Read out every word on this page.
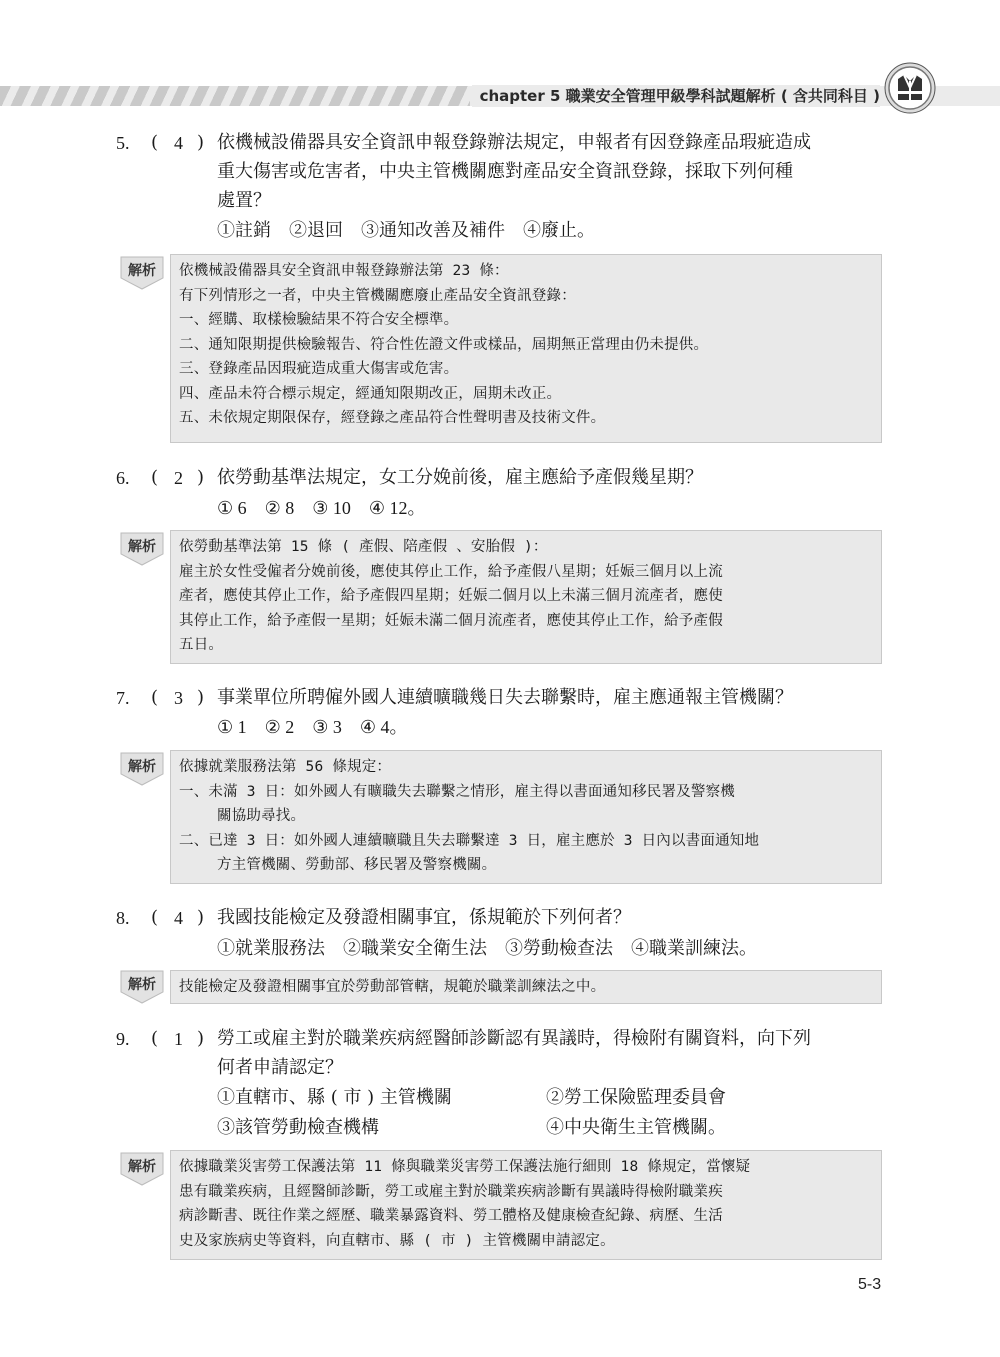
chapter 5 職業安全管理甲級學科試題解析 ( 含共同科目 )
5.	( 4 ) 依機械設備器具安全資訊申報登錄辦法規定，申報者有因登錄產品瑕疵造成
重大傷害或危害者，中央主管機關應對產品安全資訊登錄，採取下列何種
處置？
①註銷　②退回　③通知改善及補件　④廢止。
解析	依機械設備器具安全資訊申報登錄辦法第 23 條：
有下列情形之一者，中央主管機關應廢止產品安全資訊登錄：
一、經購、取樣檢驗結果不符合安全標準。
二、通知限期提供檢驗報告、符合性佐證文件或樣品，屆期無正當理由仍未提供。
三、登錄產品因瑕疵造成重大傷害或危害。
四、產品未符合標示規定，經通知限期改正，屆期未改正。
五、未依規定期限保存，經登錄之產品符合性聲明書及技術文件。
6.	( 2 ) 依勞動基準法規定，女工分娩前後，雇主應給予產假幾星期？
① 6　② 8　③ 10　④ 12。
解析	依勞動基準法第 15 條 ( 產假、陪產假 、安胎假 )：
雇主於女性受僱者分娩前後，應使其停止工作，給予產假八星期；妊娠三個月以上流
產者，應使其停止工作，給予產假四星期；妊娠二個月以上未滿三個月流產者，應使
其停止工作，給予產假一星期；妊娠未滿二個月流產者，應使其停止工作，給予產假
五日。
7.	( 3 ) 事業單位所聘僱外國人連續曠職幾日失去聯繫時，雇主應通報主管機關？
① 1　② 2　③ 3　④ 4。
解析	依據就業服務法第 56 條規定：
一、未滿 3 日：如外國人有曠職失去聯繫之情形，雇主得以書面通知移民署及警察機
關協助尋找。
二、已達 3 日：如外國人連續曠職且失去聯繫達 3 日，雇主應於 3 日內以書面通知地
方主管機關、勞動部、移民署及警察機關。
8.	( 4 ) 我國技能檢定及發證相關事宜，係規範於下列何者？
①就業服務法　②職業安全衛生法　③勞動檢查法　④職業訓練法。
解析	技能檢定及發證相關事宜於勞動部管轄，規範於職業訓練法之中。
9.	( 1 ) 勞工或雇主對於職業疾病經醫師診斷認有異議時，得檢附有關資料，向下列
何者申請認定？
①直轄市、縣 ( 市 ) 主管機關	②勞工保險監理委員會
③該管勞動檢查機構	④中央衛生主管機關。
解析	依據職業災害勞工保護法第 11 條與職業災害勞工保護法施行細則 18 條規定，當懷疑
患有職業疾病，且經醫師診斷，勞工或雇主對於職業疾病診斷有異議時得檢附職業疾
病診斷書、既往作業之經歷、職業暴露資料、勞工體格及健康檢查紀錄、病歷、生活
史及家族病史等資料，向直轄市、縣 ( 市 ) 主管機關申請認定。
5-3
